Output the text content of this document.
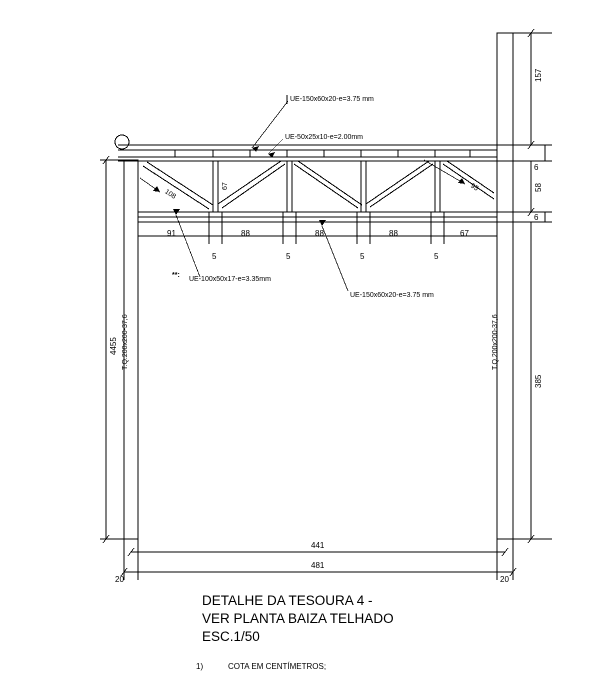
UE-150x60x20-e=3.75 mm
UE-50x25x10-e=2.00mm
UE-150x60x20-e=3.75 mm
**:
UE-100x50x17-e=3.35mm
108
67	95
T.Q.200x200-37,6	T.Q.200x200-37,6
157
6
58
6
385
4455
91	88	88	88	67
5	5	5	5
441
481
20	20
DETALHE DA TESOURA 4 -
VER PLANTA BAIZA TELHADO
ESC.1/50
1)	COTA EM CENTÍMETROS;
